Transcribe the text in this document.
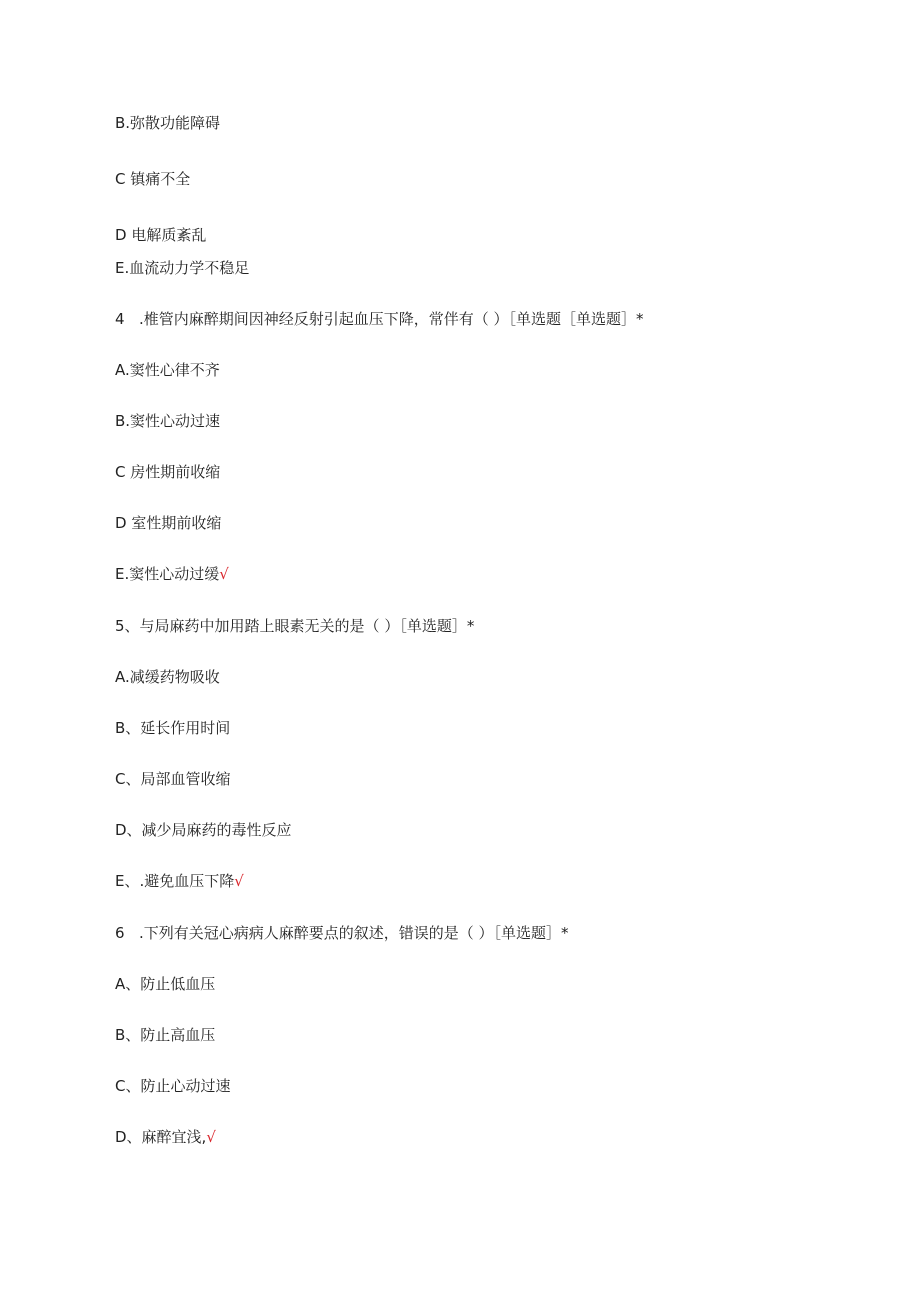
B.弥散功能障碍
C 镇痛不全
D 电解质紊乱
E.血流动力学不稳足
4 .椎管内麻醉期间因神经反射引起血压下降，常伴有（ ）［单选题［单选题］*
A.窦性心律不齐
B.窦性心动过速
C 房性期前收缩
D 室性期前收缩
E.窦性心动过缓√
5、与局麻药中加用踏上眼素无关的是（ ）［单选题］*
A.减缓药物吸收
B、延长作用时间
C、局部血管收缩
D、减少局麻药的毒性反应
E、.避免血压下降√
6 .下列有关冠心病病人麻醉要点的叙述，错误的是（ ）［单选题］*
A、防止低血压
B、防止高血压
C、防止心动过速
D、麻醉宜浅,√
